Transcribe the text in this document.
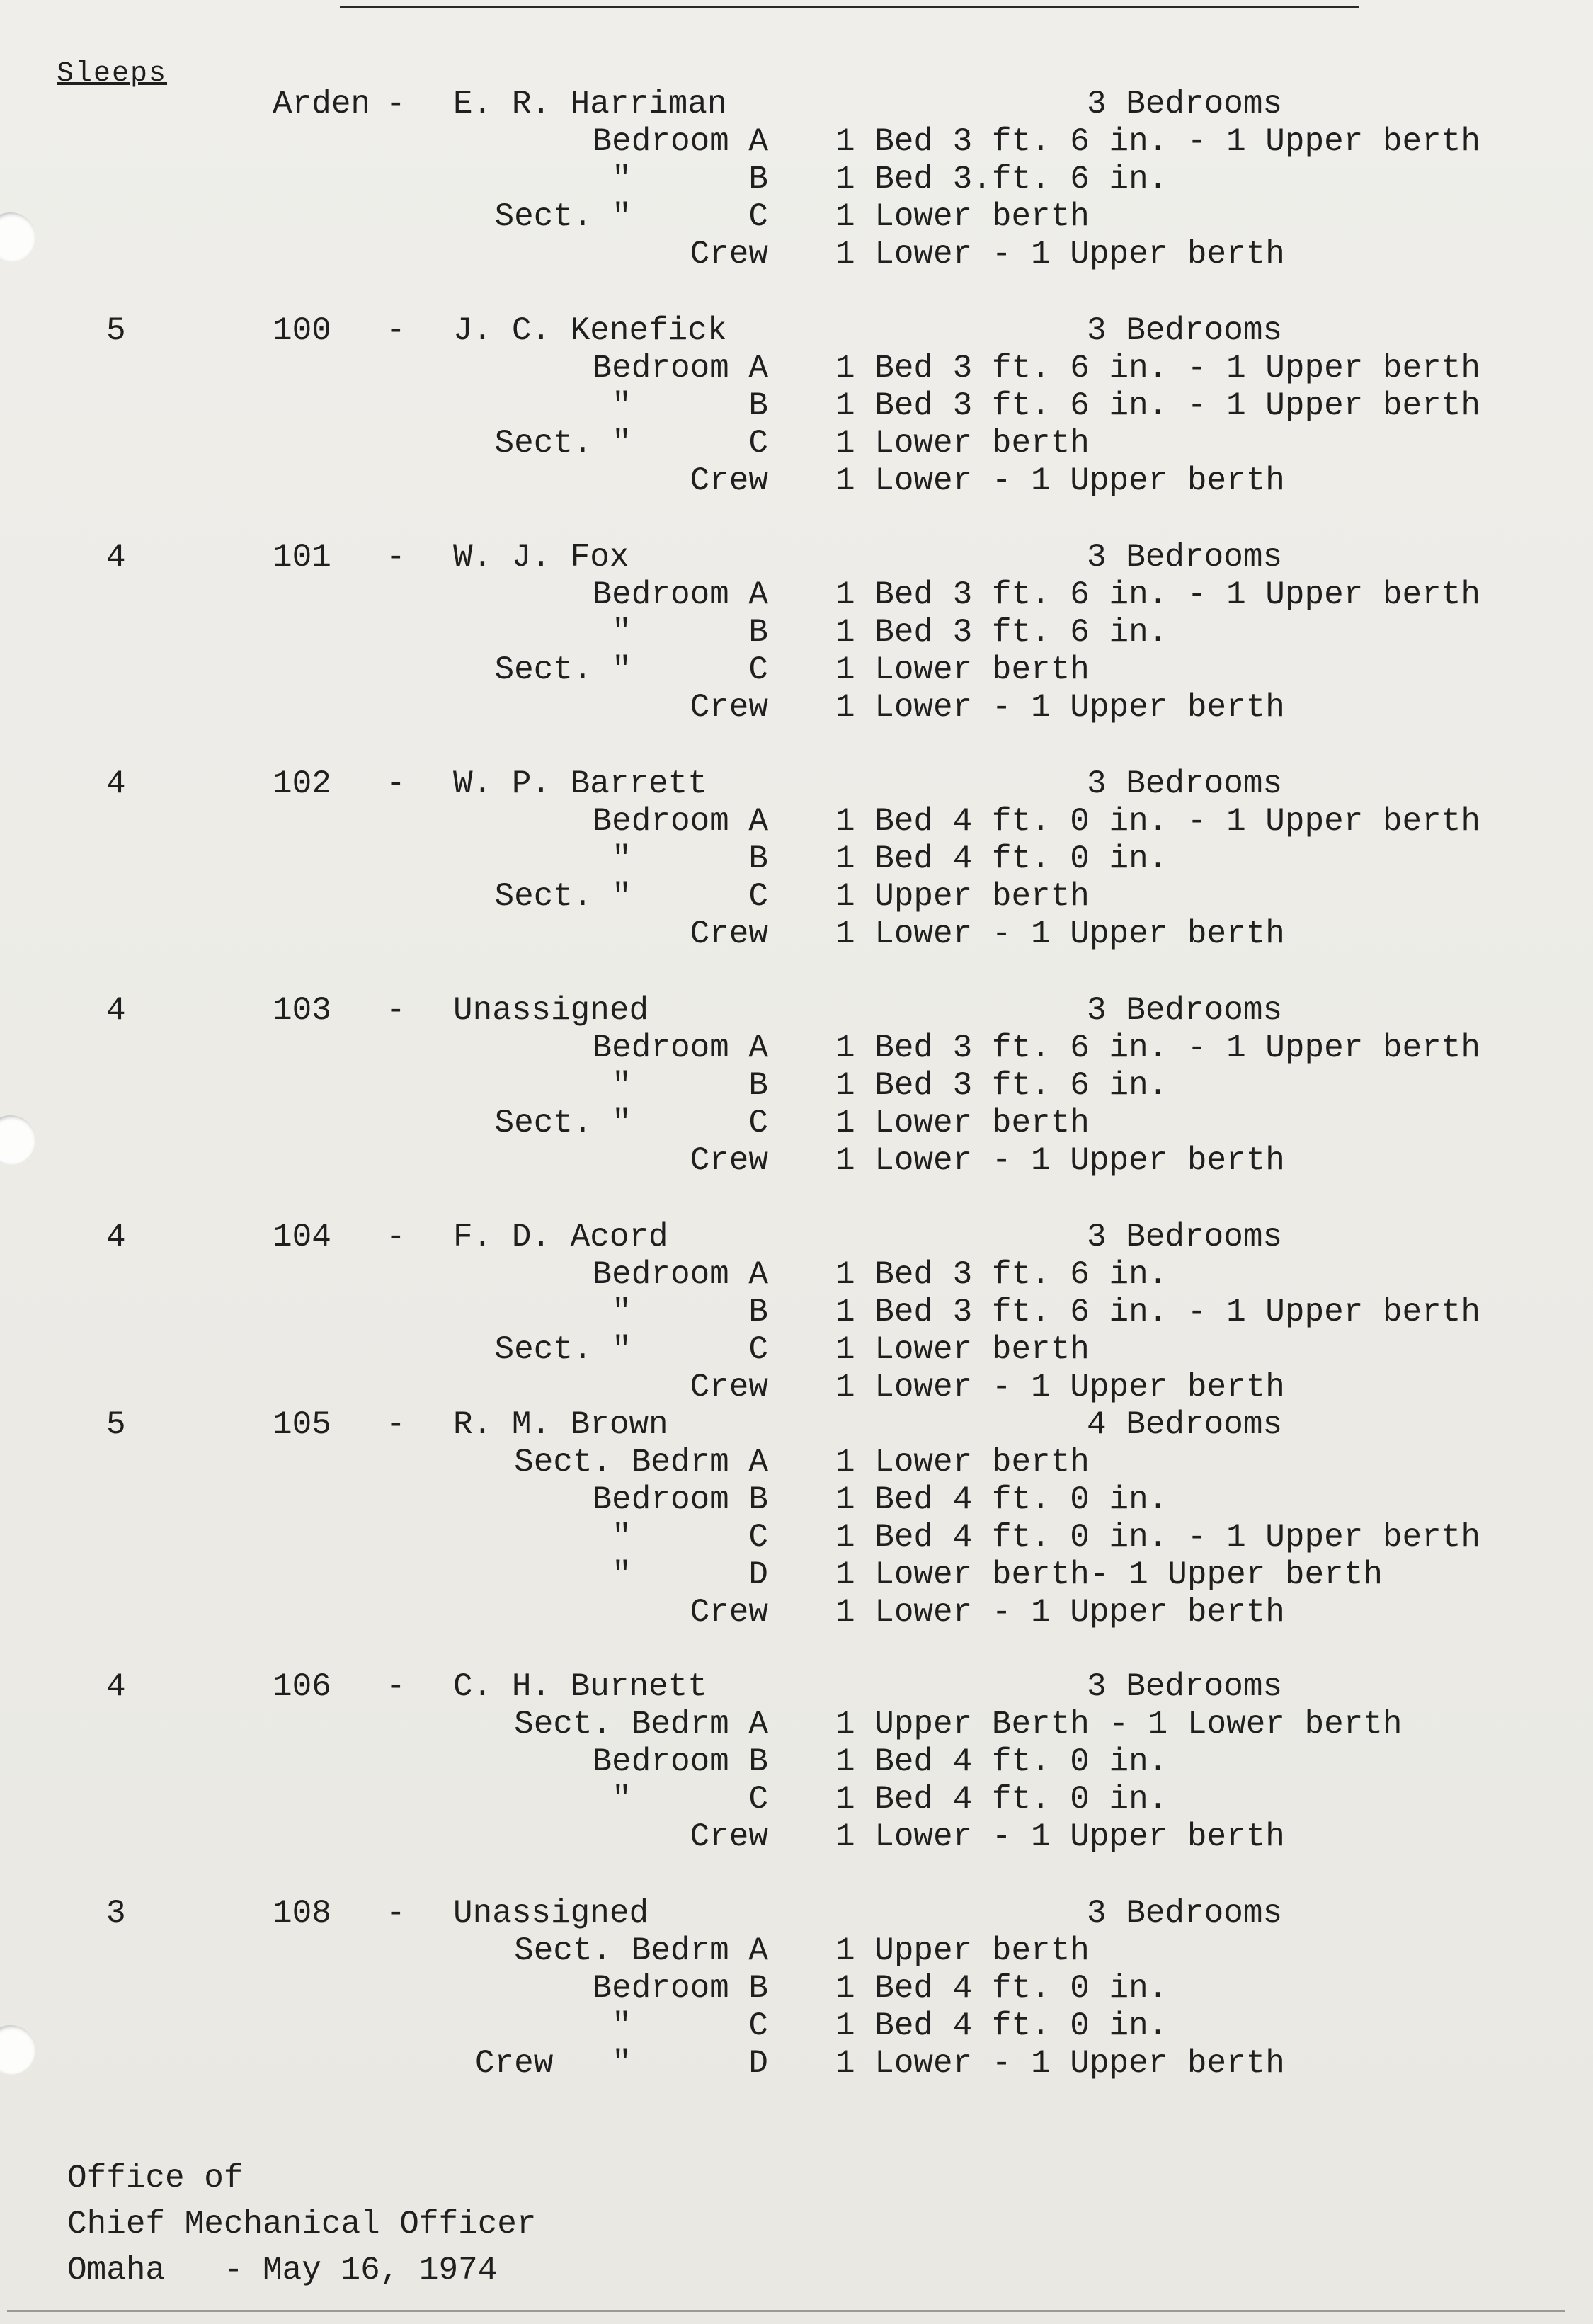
Sleeps
Arden - E. R. Harriman	3 Bedrooms
Bedroom A 1 Bed 3 ft. 6 in. - 1 Upper berth
"      B 1 Bed 3.ft. 6 in.
Sect. "      C 1 Lower berth
Crew 1 Lower - 1 Upper berth
5	100 - J. C. Kenefick	3 Bedrooms
Bedroom A 1 Bed 3 ft. 6 in. - 1 Upper berth
"      B 1 Bed 3 ft. 6 in. - 1 Upper berth
Sect. "      C 1 Lower berth
Crew 1 Lower - 1 Upper berth
4	101 - W. J. Fox	3 Bedrooms
Bedroom A 1 Bed 3 ft. 6 in. - 1 Upper berth
"      B 1 Bed 3 ft. 6 in.
Sect. "      C 1 Lower berth
Crew 1 Lower - 1 Upper berth
4	102 - W. P. Barrett	3 Bedrooms
Bedroom A 1 Bed 4 ft. 0 in. - 1 Upper berth
"      B 1 Bed 4 ft. 0 in.
Sect. "      C 1 Upper berth
Crew 1 Lower - 1 Upper berth
4	103 - Unassigned	3 Bedrooms
Bedroom A 1 Bed 3 ft. 6 in. - 1 Upper berth
"      B 1 Bed 3 ft. 6 in.
Sect. "      C 1 Lower berth
Crew 1 Lower - 1 Upper berth
4	104 - F. D. Acord	3 Bedrooms
Bedroom A 1 Bed 3 ft. 6 in.
"      B 1 Bed 3 ft. 6 in. - 1 Upper berth
Sect. "      C 1 Lower berth
Crew 1 Lower - 1 Upper berth
5	105 - R. M. Brown	4 Bedrooms
Sect. Bedrm A 1 Lower berth
Bedroom B 1 Bed 4 ft. 0 in.
"      C 1 Bed 4 ft. 0 in. - 1 Upper berth
"      D 1 Lower berth- 1 Upper berth
Crew 1 Lower - 1 Upper berth
4	106 - C. H. Burnett	3 Bedrooms
Sect. Bedrm A 1 Upper Berth - 1 Lower berth
Bedroom B 1 Bed 4 ft. 0 in.
"      C 1 Bed 4 ft. 0 in.
Crew 1 Lower - 1 Upper berth
3	108 - Unassigned	3 Bedrooms
Sect. Bedrm A 1 Upper berth
Bedroom B 1 Bed 4 ft. 0 in.
"      C 1 Bed 4 ft. 0 in.
Crew   "      D 1 Lower - 1 Upper berth
Office of
Chief Mechanical Officer
Omaha   - May 16, 1974
